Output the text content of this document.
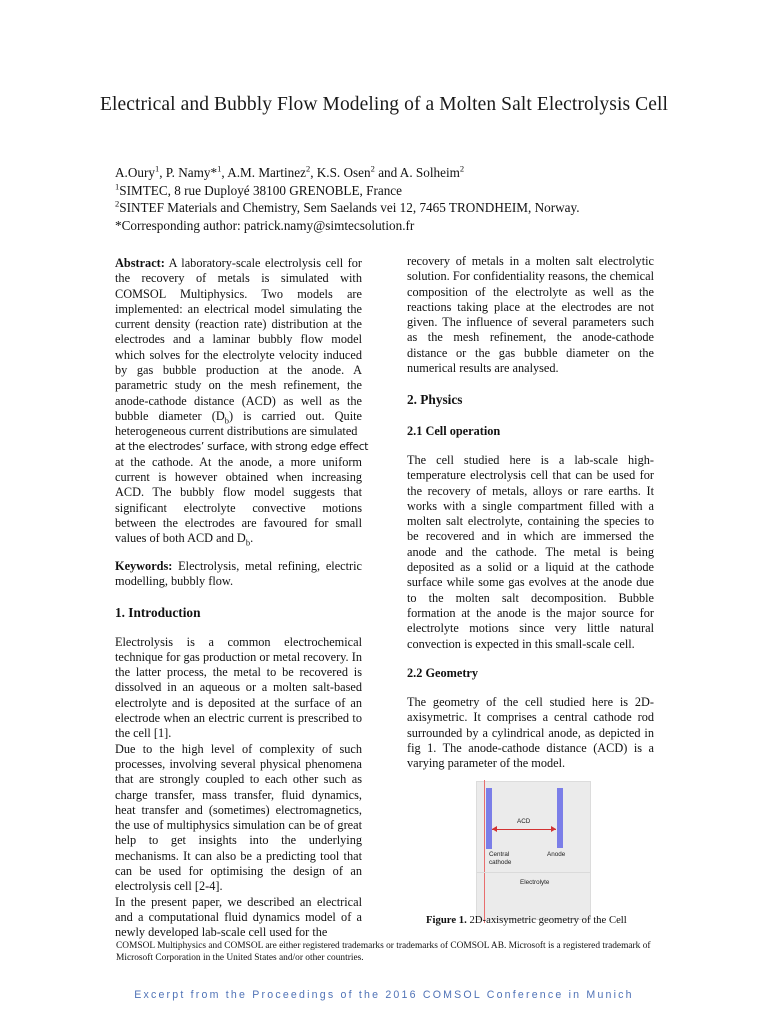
Electrical and Bubbly Flow Modeling of a Molten Salt Electrolysis Cell
A.Oury$^1$, P. Namy*$^1$, A.M. Martinez$^2$, K.S. Osen$^2$ and A. Solheim$^2$
$^1$SIMTEC, 8 rue Duployé 38100 GRENOBLE, France
$^2$SINTEF Materials and Chemistry, Sem Saelands vei 12, 7465 TRONDHEIM, Norway.
*Corresponding author: patrick.namy@simtecsolution.fr
Abstract: A laboratory-scale electrolysis cell for the recovery of metals is simulated with COMSOL Multiphysics. Two models are implemented: an electrical model simulating the current density (reaction rate) distribution at the electrodes and a laminar bubbly flow model which solves for the electrolyte velocity induced by gas bubble production at the anode. A parametric study on the mesh refinement, the anode-cathode distance (ACD) as well as the bubble diameter $(D_b)$ is carried out. Quite heterogeneous current distributions are simulated
at the electrodes’ surface, with strong edge effect
at the cathode. At the anode, a more uniform current is however obtained when increasing ACD. The bubbly flow model suggests that significant electrolyte convective motions between the electrodes are favoured for small values of both ACD and $D_b$.
Keywords: Electrolysis, metal refining, electric modelling, bubbly flow.
1. Introduction
Electrolysis is a common electrochemical technique for gas production or metal recovery. In the latter process, the metal to be recovered is dissolved in an aqueous or a molten salt-based electrolyte and is deposited at the surface of an electrode when an electric current is prescribed to the cell [1].
Due to the high level of complexity of such processes, involving several physical phenomena that are strongly coupled to each other such as charge transfer, mass transfer, fluid dynamics, heat transfer and (sometimes) electromagnetics, the use of multiphysics simulation can be of great help to get insights into the underlying mechanisms. It can also be a predicting tool that can be used for optimising the design of an electrolysis cell [2-4].
In the present paper, we described an electrical and a computational fluid dynamics model of a newly developed lab-scale cell used for the
recovery of metals in a molten salt electrolytic solution. For confidentiality reasons, the chemical composition of the electrolyte as well as the reactions taking place at the electrodes are not given. The influence of several parameters such as the mesh refinement, the anode-cathode distance or the gas bubble diameter on the numerical results are analysed.
2. Physics
2.1 Cell operation
The cell studied here is a lab-scale high-temperature electrolysis cell that can be used for the recovery of metals, alloys or rare earths. It works with a single compartment filled with a molten salt electrolyte, containing the species to be recovered and in which are immersed the anode and the cathode. The metal is being deposited as a solid or a liquid at the cathode surface while some gas evolves at the anode due to the molten salt decomposition. Bubble formation at the anode is the major source for electrolyte motions since very little natural convection is expected in this small-scale cell.
2.2 Geometry
The geometry of the cell studied here is 2D-axisymetric. It comprises a central cathode rod surrounded by a cylindrical anode, as depicted in fig 1. The anode-cathode distance (ACD) is a varying parameter of the model.
ACD
Central
cathode
Anode
Electrolyte
Figure 1. 2D-axisymetric geometry of the Cell
COMSOL Multiphysics and COMSOL are either registered trademarks or trademarks of COMSOL AB. Microsoft is a registered trademark of Microsoft Corporation in the United States and/or other countries.
Excerpt from the Proceedings of the 2016 COMSOL Conference in Munich
